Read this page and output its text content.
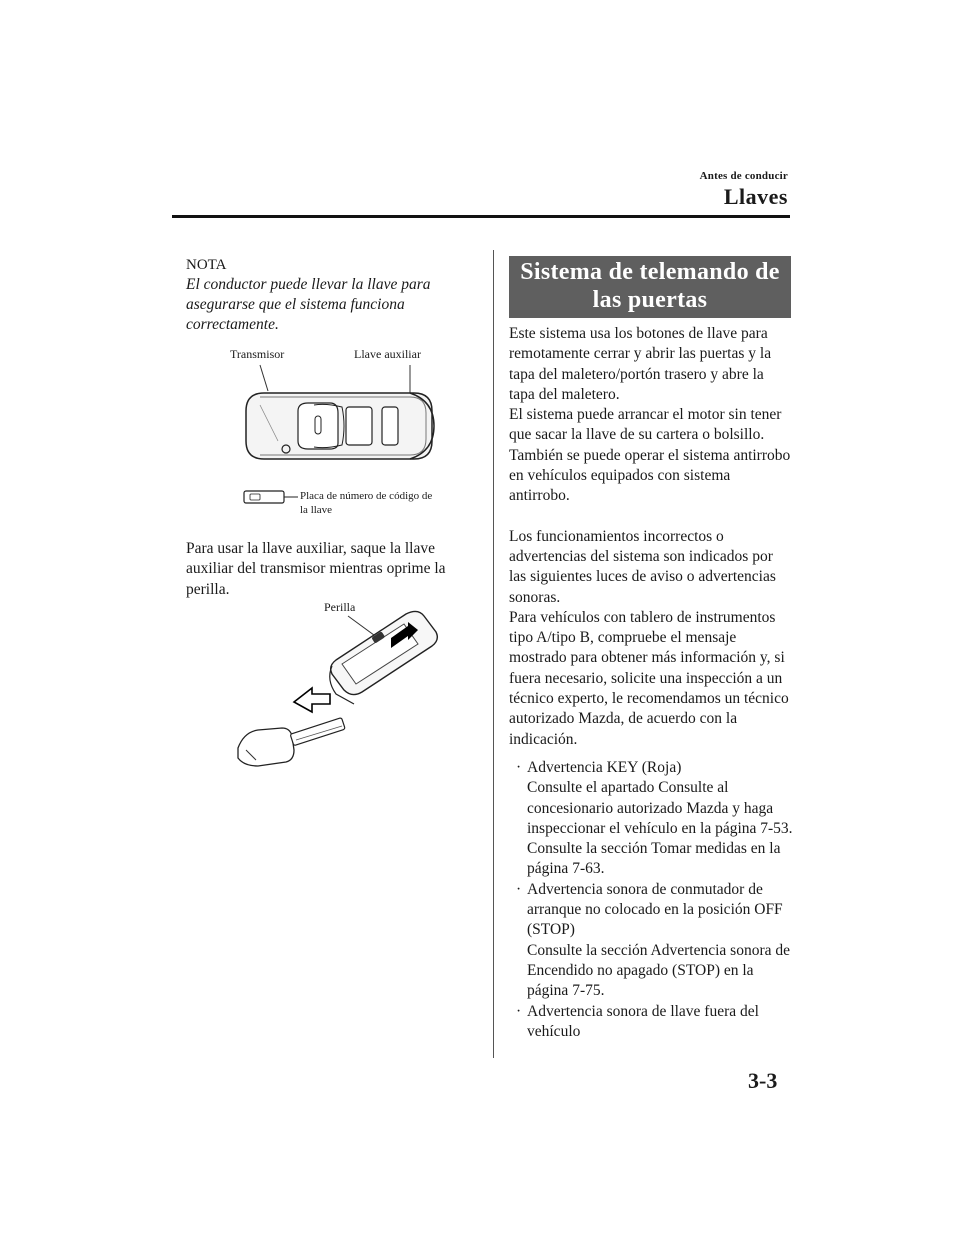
Antes de conducir
Llaves
NOTA

El conductor puede llevar la llave para asegurarse que el sistema funciona correctamente.

Transmisor	Llave auxiliar
Placa de número de código de la llave

Para usar la llave auxiliar, saque la llave auxiliar del transmisor mientras oprime la perilla.

Perilla
Sistema de telemando de las puertas

Este sistema usa los botones de llave para remotamente cerrar y abrir las puertas y la tapa del maletero/portón trasero y abre la tapa del maletero.

El sistema puede arrancar el motor sin tener que sacar la llave de su cartera o bolsillo.

También se puede operar el sistema antirrobo en vehículos equipados con sistema antirrobo.

Los funcionamientos incorrectos o advertencias del sistema son indicados por las siguientes luces de aviso o advertencias sonoras.

Para vehículos con tablero de instrumentos tipo A/tipo B, compruebe el mensaje mostrado para obtener más información y, si fuera necesario, solicite una inspección a un técnico experto, le recomendamos un técnico autorizado Mazda, de acuerdo con la indicación.

· Advertencia KEY (Roja)

Consulte el apartado Consulte al concesionario autorizado Mazda y haga inspeccionar el vehículo en la página 7-53.

Consulte la sección Tomar medidas en la página 7-63.

· Advertencia sonora de conmutador de arranque no colocado en la posición OFF (STOP)

Consulte la sección Advertencia sonora de Encendido no apagado (STOP) en la página 7-75.

· Advertencia sonora de llave fuera del vehículo

3-3
